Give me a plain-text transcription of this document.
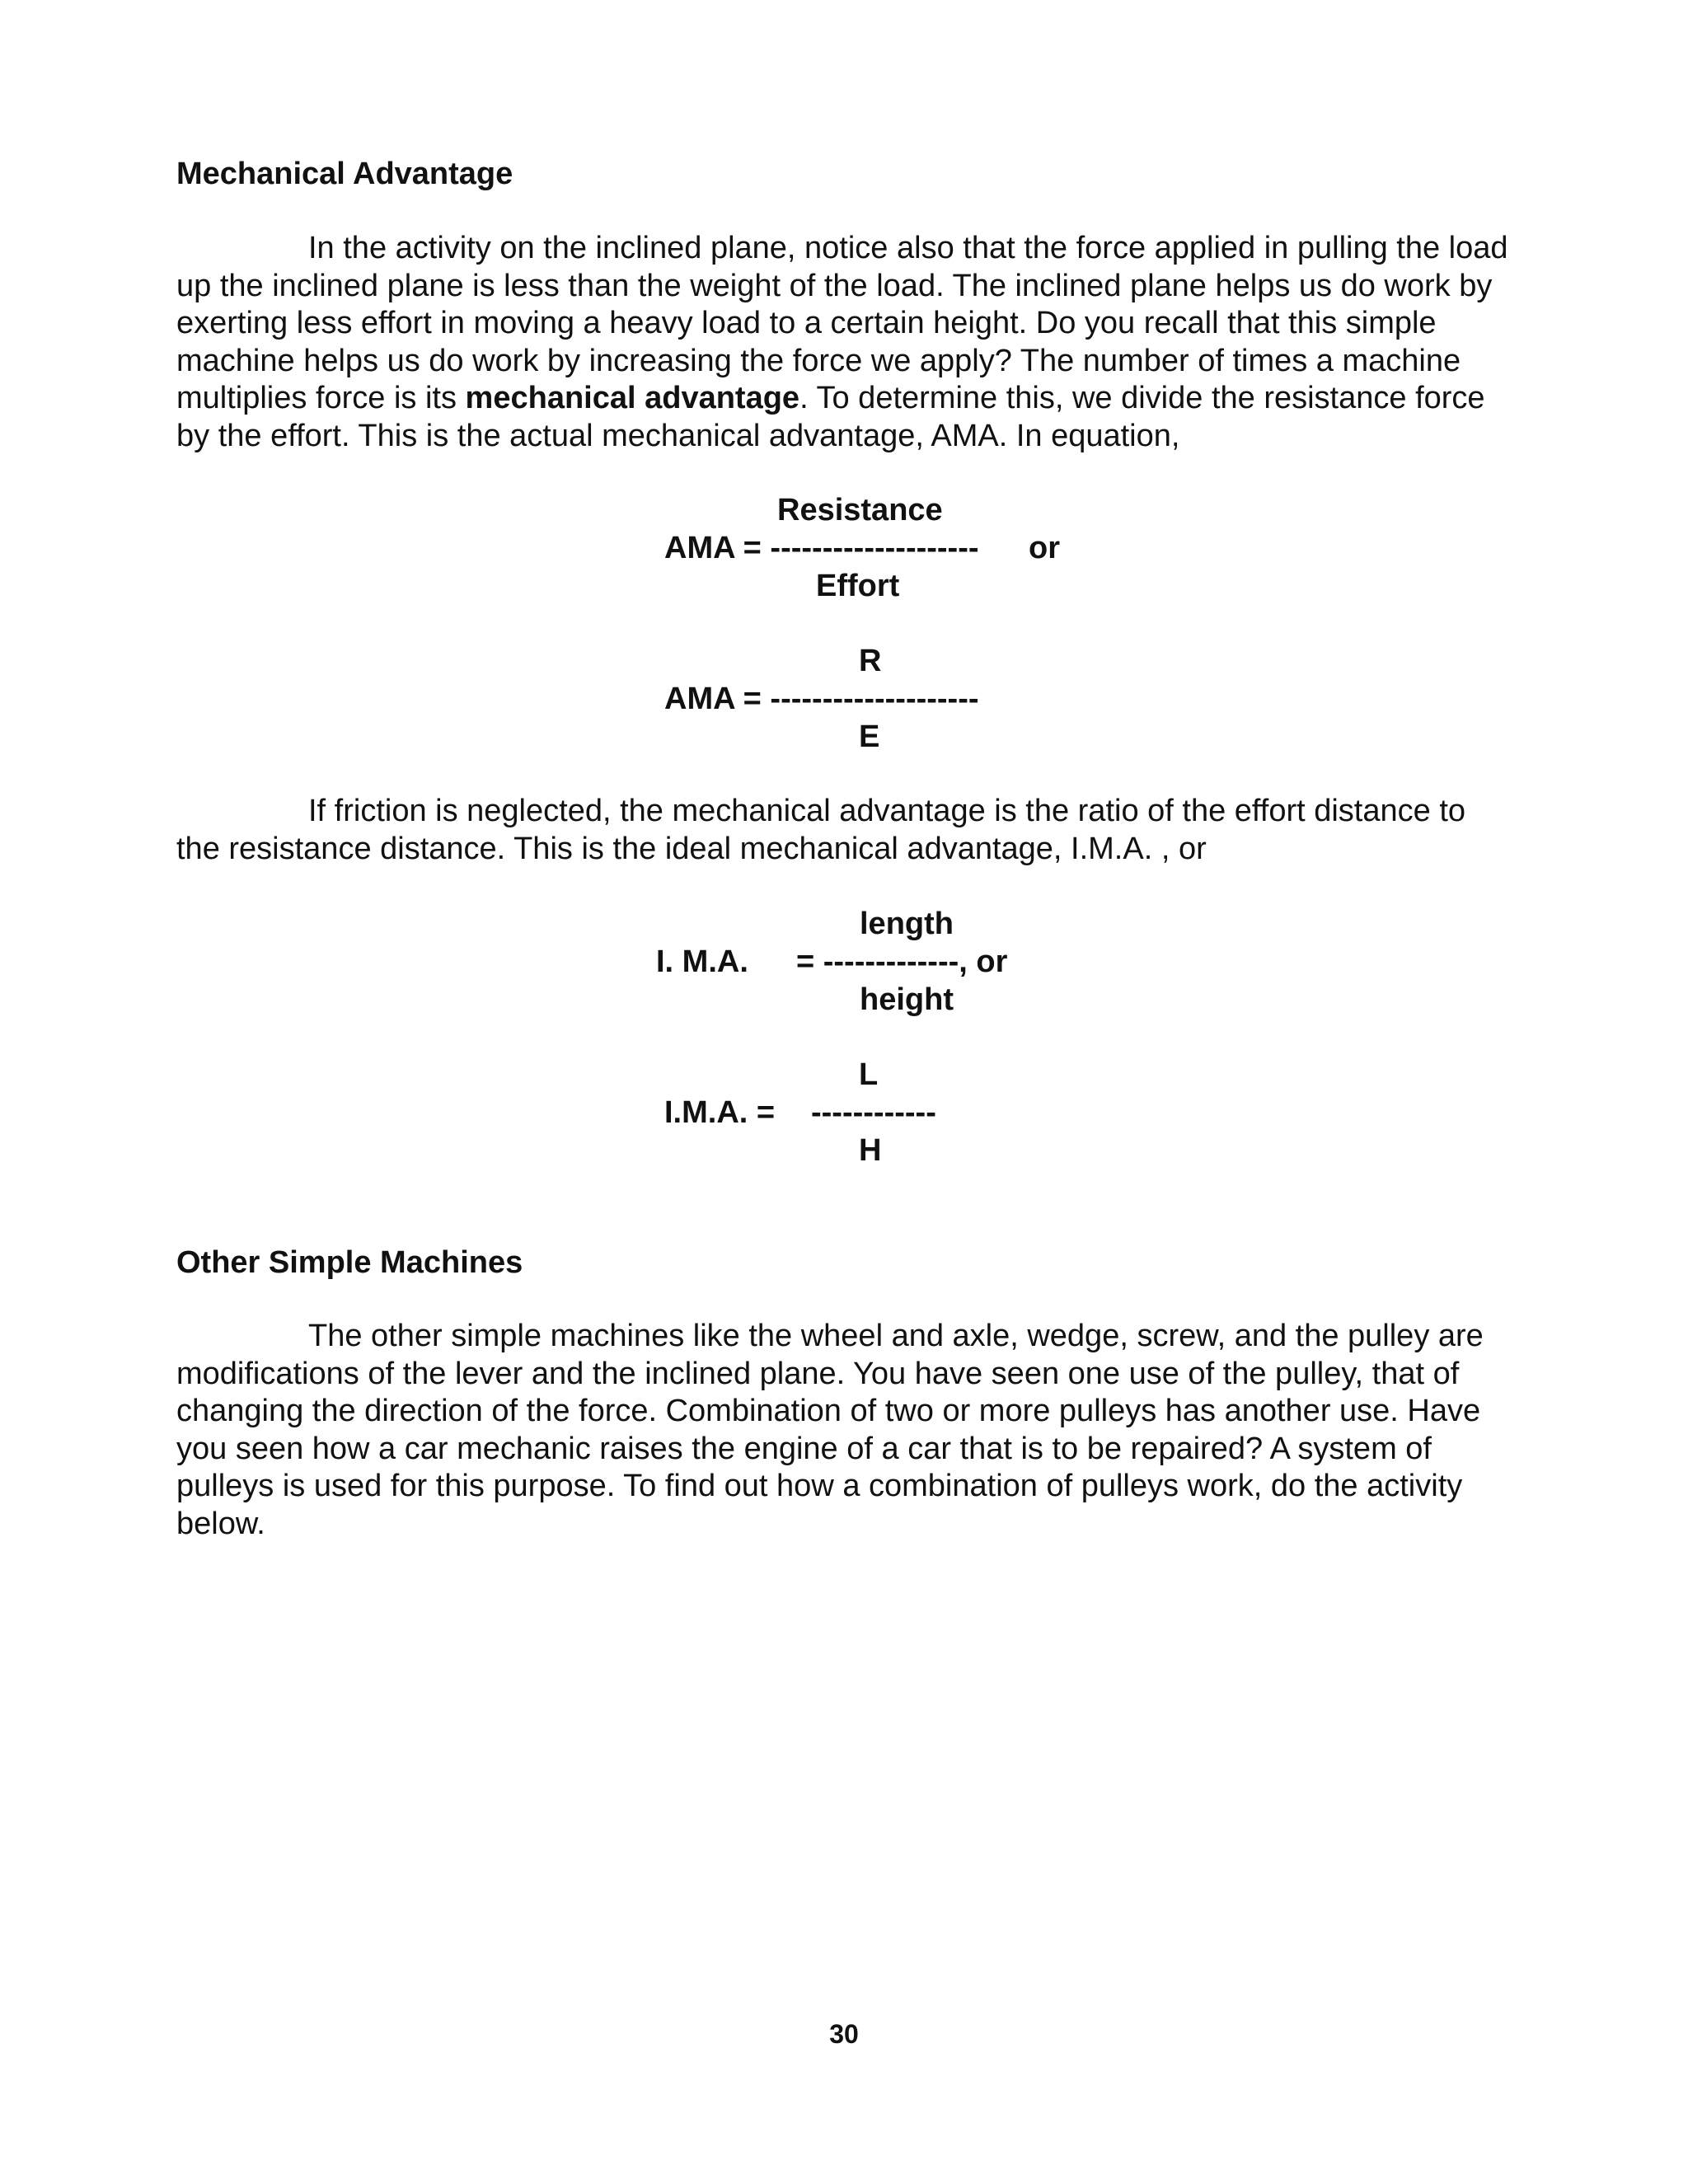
Mechanical Advantage

In the activity on the inclined plane, notice also that the force applied in pulling the load up the inclined plane is less than the weight of the load. The inclined plane helps us do work by exerting less effort in moving a heavy load to a certain height. Do you recall that this simple machine helps us do work by increasing the force we apply? The number of times a machine multiplies force is its mechanical advantage. To determine this, we divide the resistance force by the effort. This is the actual mechanical advantage, AMA. In equation,

Resistance
AMA = -------------------- or
Effort
R
AMA = --------------------
E

If friction is neglected, the mechanical advantage is the ratio of the effort distance to the resistance distance. This is the ideal mechanical advantage, I.M.A. , or

length
I. M.A. = -------------, or
height
L
I.M.A. = ------------
H
Other Simple Machines

The other simple machines like the wheel and axle, wedge, screw, and the pulley are modifications of the lever and the inclined plane. You have seen one use of the pulley, that of changing the direction of the force. Combination of two or more pulleys has another use. Have you seen how a car mechanic raises the engine of a car that is to be repaired? A system of pulleys is used for this purpose. To find out how a combination of pulleys work, do the activity below.

30
